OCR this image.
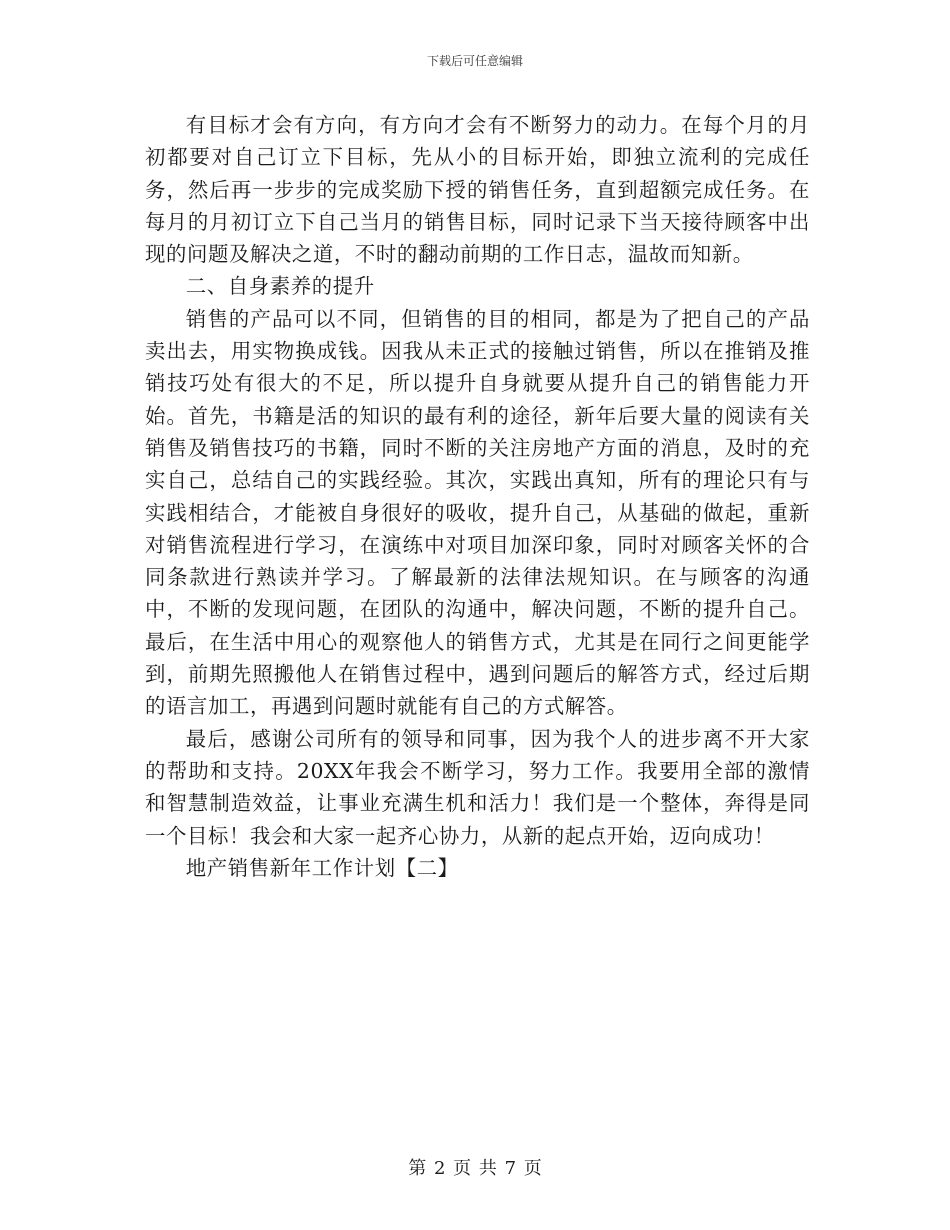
下载后可任意编辑

有目标才会有方向，有方向才会有不断努力的动力。在每个月的月初都要对自己订立下目标，先从小的目标开始，即独立流利的完成任务，然后再一步步的完成奖励下授的销售任务，直到超额完成任务。在每月的月初订立下自己当月的销售目标，同时记录下当天接待顾客中出现的问题及解决之道，不时的翻动前期的工作日志，温故而知新。

二、自身素养的提升

销售的产品可以不同，但销售的目的相同，都是为了把自己的产品卖出去，用实物换成钱。因我从未正式的接触过销售，所以在推销及推销技巧处有很大的不足，所以提升自身就要从提升自己的销售能力开始。首先，书籍是活的知识的最有利的途径，新年后要大量的阅读有关销售及销售技巧的书籍，同时不断的关注房地产方面的消息，及时的充实自己，总结自己的实践经验。其次，实践出真知，所有的理论只有与实践相结合，才能被自身很好的吸收，提升自己，从基础的做起，重新对销售流程进行学习，在演练中对项目加深印象，同时对顾客关怀的合同条款进行熟读并学习。了解最新的法律法规知识。在与顾客的沟通中，不断的发现问题，在团队的沟通中，解决问题，不断的提升自己。最后，在生活中用心的观察他人的销售方式，尤其是在同行之间更能学到，前期先照搬他人在销售过程中，遇到问题后的解答方式，经过后期的语言加工，再遇到问题时就能有自己的方式解答。

最后，感谢公司所有的领导和同事，因为我个人的进步离不开大家的帮助和支持。20XX年我会不断学习，努力工作。我要用全部的激情和智慧制造效益，让事业充满生机和活力！我们是一个整体，奔得是同一个目标！我会和大家一起齐心协力，从新的起点开始，迈向成功！

地产销售新年工作计划【二】

第 2 页 共 7 页
